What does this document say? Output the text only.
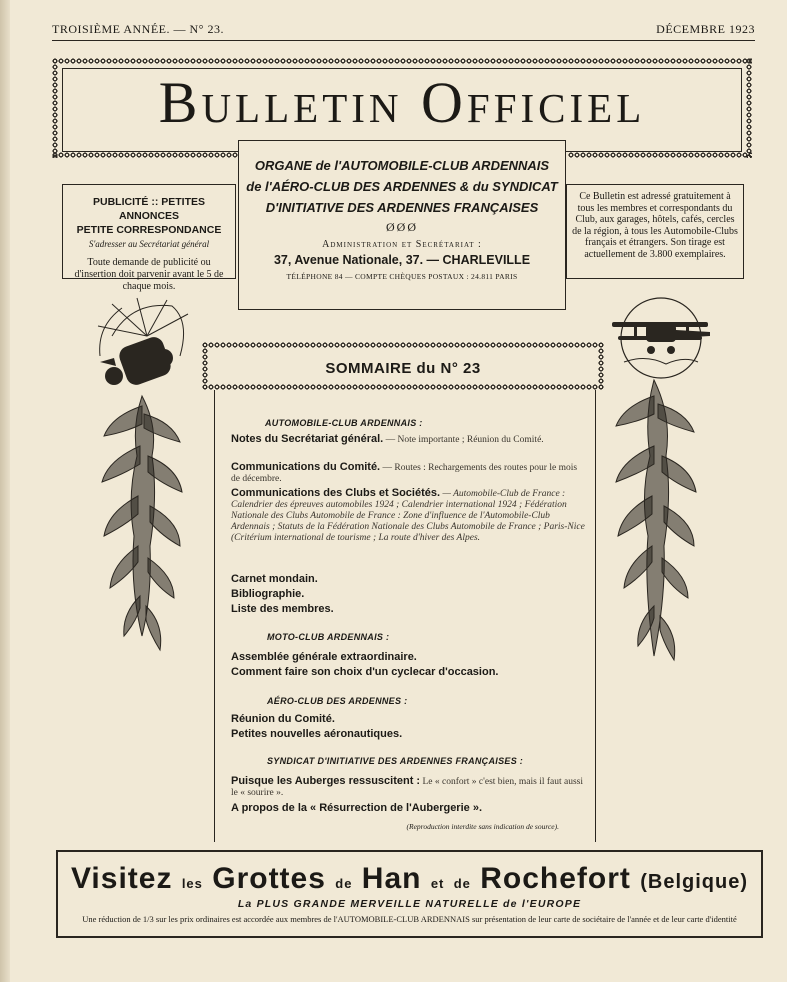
TROISIÈME ANNÉE. — N° 23.	DÉCEMBRE 1923
Bulletin Officiel
PUBLICITÉ :: PETITES ANNONCES
PETITE CORRESPONDANCE
S'adresser au Secrétariat général
Toute demande de publicité ou d'insertion doit parvenir avant le 5 de chaque mois.
Ce Bulletin est adressé gratuitement à tous les membres et correspondants du Club, aux garages, hôtels, cafés, cercles de la région, à tous les Automobile-Clubs français et étrangers. Son tirage est actuellement de 3.800 exemplaires.
ORGANE de l'AUTOMOBILE-CLUB ARDENNAIS
de l'AÉRO-CLUB DES ARDENNES & du SYNDICAT
D'INITIATIVE DES ARDENNES FRANÇAISES
ØØØ
Administration et Secrétariat :
37, Avenue Nationale, 37. — CHARLEVILLE
TÉLÉPHONE 84 — COMPTE CHÈQUES POSTAUX : 24.811 PARIS
SOMMAIRE du N° 23
AUTOMOBILE-CLUB ARDENNAIS :
Notes du Secrétariat général. — Note importante ; Réunion du Comité.
Communications du Comité. — Routes : Rechargements des routes pour le mois de décembre.
Communications des Clubs et Sociétés. — Automobile-Club de France : Calendrier des épreuves automobiles 1924 ; Calendrier international 1924 ; Fédération Nationale des Clubs Automobile de France : Zone d'influence de l'Automobile-Club Ardennais ; Statuts de la Fédération Nationale des Clubs Automobile de France ; Paris-Nice (Critérium international de tourisme ; La route d'hiver des Alpes.
Carnet mondain.
Bibliographie.
Liste des membres.
MOTO-CLUB ARDENNAIS :
Assemblée générale extraordinaire.
Comment faire son choix d'un cyclecar d'occasion.
AÉRO-CLUB DES ARDENNES :
Réunion du Comité.
Petites nouvelles aéronautiques.
SYNDICAT D'INITIATIVE DES ARDENNES FRANÇAISES :
Puisque les Auberges ressuscitent : Le « confort » c'est bien, mais il faut aussi le « sourire ».
A propos de la « Résurrection de l'Aubergerie ».
(Reproduction interdite sans indication de source).
Visitez les Grottes de Han et de Rochefort (Belgique)
La PLUS GRANDE MERVEILLE NATURELLE de l'EUROPE
Une réduction de 1/3 sur les prix ordinaires est accordée aux membres de l'AUTOMOBILE-CLUB ARDENNAIS sur présentation de leur carte de sociétaire de l'année et de leur carte d'identité
